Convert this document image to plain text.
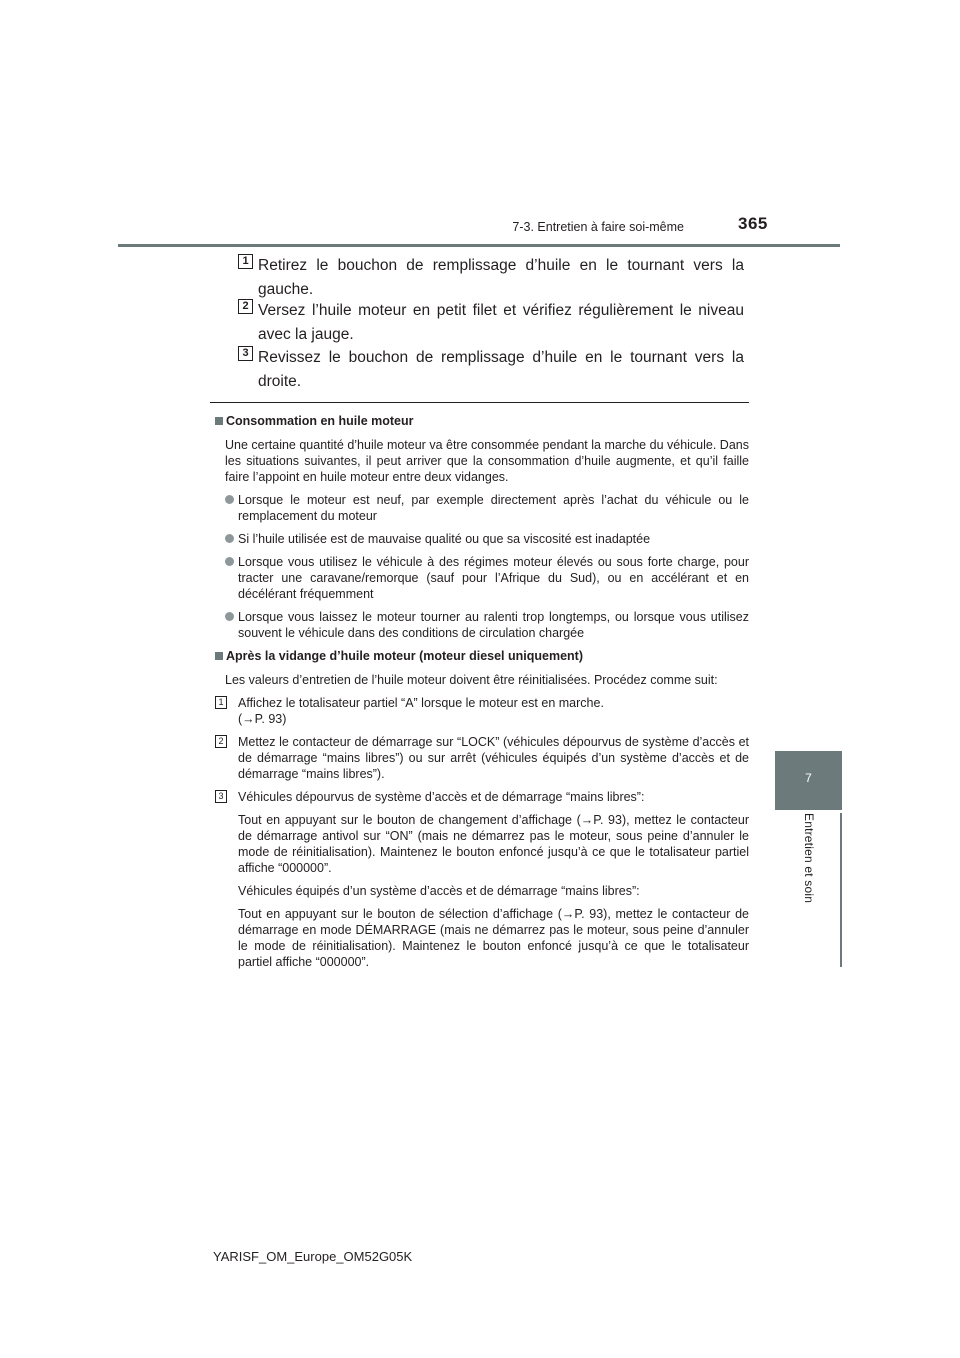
7-3. Entretien à faire soi-même	365
7
Entretien et soin
1 Retirez le bouchon de remplissage d’huile en le tournant vers la gauche.
2 Versez l’huile moteur en petit filet et vérifiez régulièrement le niveau avec la jauge.
3 Revissez le bouchon de remplissage d’huile en le tournant vers la droite.
Consommation en huile moteur
Une certaine quantité d’huile moteur va être consommée pendant la marche du véhicule. Dans les situations suivantes, il peut arriver que la consommation d’huile augmente, et qu’il faille faire l’appoint en huile moteur entre deux vidanges.
Lorsque le moteur est neuf, par exemple directement après l’achat du véhicule ou le remplacement du moteur
Si l’huile utilisée est de mauvaise qualité ou que sa viscosité est inadaptée
Lorsque vous utilisez le véhicule à des régimes moteur élevés ou sous forte charge, pour tracter une caravane/remorque (sauf pour l’Afrique du Sud), ou en accélérant et en décélérant fréquemment
Lorsque vous laissez le moteur tourner au ralenti trop longtemps, ou lorsque vous utilisez souvent le véhicule dans des conditions de circulation chargée
Après la vidange d’huile moteur (moteur diesel uniquement)
Les valeurs d’entretien de l’huile moteur doivent être réinitialisées. Procédez comme suit:
1 Affichez le totalisateur partiel “A” lorsque le moteur est en marche.
(→P. 93)
2 Mettez le contacteur de démarrage sur “LOCK” (véhicules dépourvus de système d’accès et de démarrage “mains libres”) ou sur arrêt (véhicules équipés d’un système d’accès et de démarrage “mains libres”).
3 Véhicules dépourvus de système d’accès et de démarrage “mains libres”:
Tout en appuyant sur le bouton de changement d’affichage (→P. 93), mettez le contacteur de démarrage antivol sur “ON” (mais ne démarrez pas le moteur, sous peine d’annuler le mode de réinitialisation). Maintenez le bouton enfoncé jusqu’à ce que le totalisateur partiel affiche “000000”.
Véhicules équipés d’un système d’accès et de démarrage “mains libres”:
Tout en appuyant sur le bouton de sélection d’affichage (→P. 93), mettez le contacteur de démarrage en mode DÉMARRAGE (mais ne démarrez pas le moteur, sous peine d’annuler le mode de réinitialisation). Maintenez le bouton enfoncé jusqu’à ce que le totalisateur partiel affiche “000000”.
YARISF_OM_Europe_OM52G05K
